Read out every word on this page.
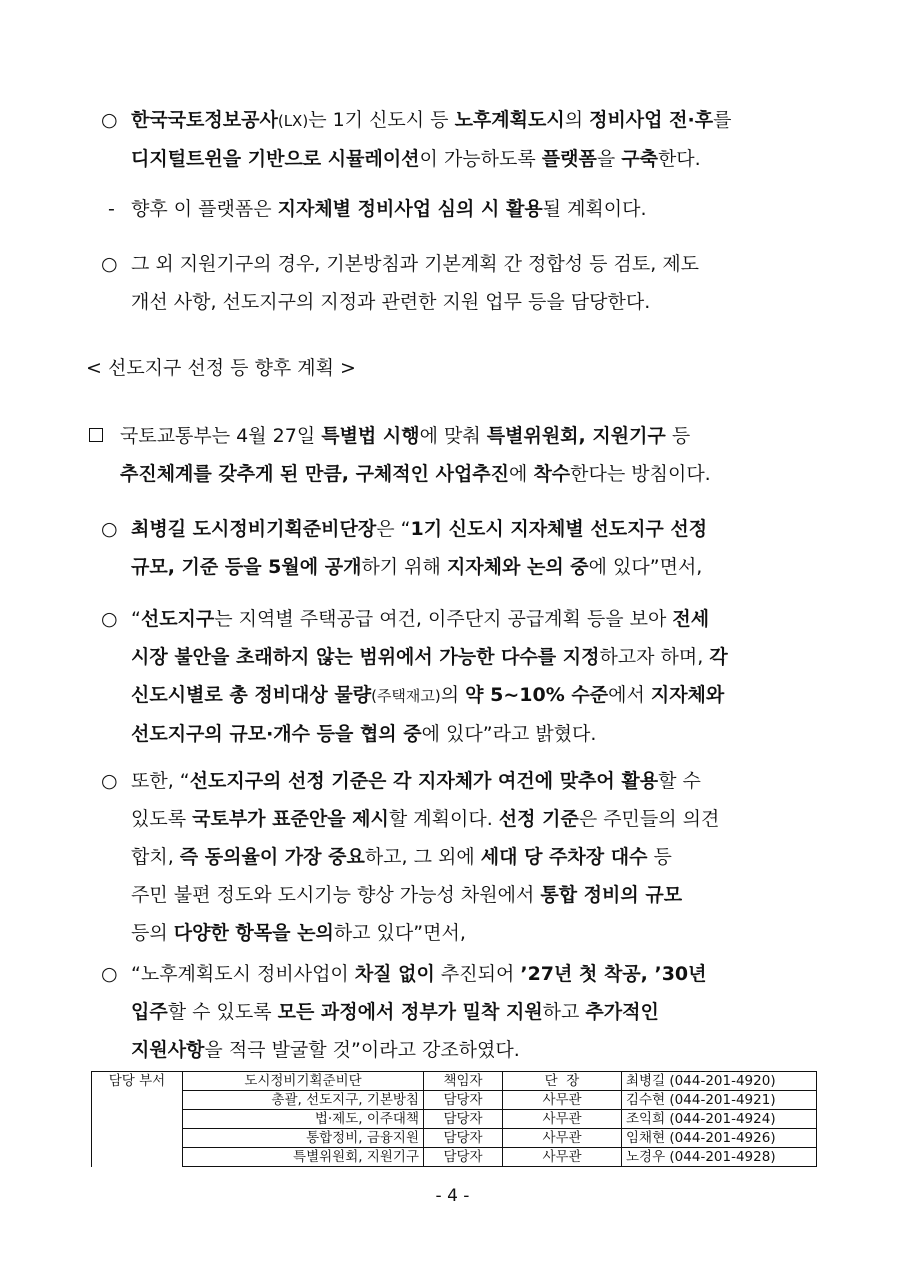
○ 한국국토정보공사(LX)는 1기 신도시 등 노후계획도시의 정비사업 전·후를

디지털트윈을 기반으로 시뮬레이션이 가능하도록 플랫폼을 구축한다.

- 향후 이 플랫폼은 지자체별 정비사업 심의 시 활용될 계획이다.

○ 그 외 지원기구의 경우, 기본방침과 기본계획 간 정합성 등 검토, 제도

개선 사항, 선도지구의 지정과 관련한 지원 업무 등을 담당한다.

< 선도지구 선정 등 향후 계획 >

국토교통부는 4월 27일 특별법 시행에 맞춰 특별위원회, 지원기구 등

추진체계를 갖추게 된 만큼, 구체적인 사업추진에 착수한다는 방침이다.

○ 최병길 도시정비기획준비단장은 “1기 신도시 지자체별 선도지구 선정

규모, 기준 등을 5월에 공개하기 위해 지자체와 논의 중에 있다”면서,

○ “선도지구는 지역별 주택공급 여건, 이주단지 공급계획 등을 보아 전세

시장 불안을 초래하지 않는 범위에서 가능한 다수를 지정하고자 하며, 각

신도시별로 총 정비대상 물량(주택재고)의 약 5~10% 수준에서 지자체와

선도지구의 규모·개수 등을 협의 중에 있다”라고 밝혔다.

○ 또한, “선도지구의 선정 기준은 각 지자체가 여건에 맞추어 활용할 수

있도록 국토부가 표준안을 제시할 계획이다. 선정 기준은 주민들의 의견

합치, 즉 동의율이 가장 중요하고, 그 외에 세대 당 주차장 대수 등

주민 불편 정도와 도시기능 향상 가능성 차원에서 통합 정비의 규모

등의 다양한 항목을 논의하고 있다”면서,

○ “노후계획도시 정비사업이 차질 없이 추진되어 ’27년 첫 착공, ’30년

입주할 수 있도록 모든 과정에서 정부가 밀착 지원하고 추가적인

지원사항을 적극 발굴할 것”이라고 강조하였다.

담당 부서	도시정비기획준비단	책임자	단  장	최병길 (044-201-4920)
	총괄, 선도지구, 기본방침	담당자	사무관	김수현 (044-201-4921)
	법·제도, 이주대책	담당자	사무관	조익희 (044-201-4924)
	통합정비, 금융지원	담당자	사무관	임채현 (044-201-4926)
	특별위원회, 지원기구	담당자	사무관	노경우 (044-201-4928)
- 4 -
